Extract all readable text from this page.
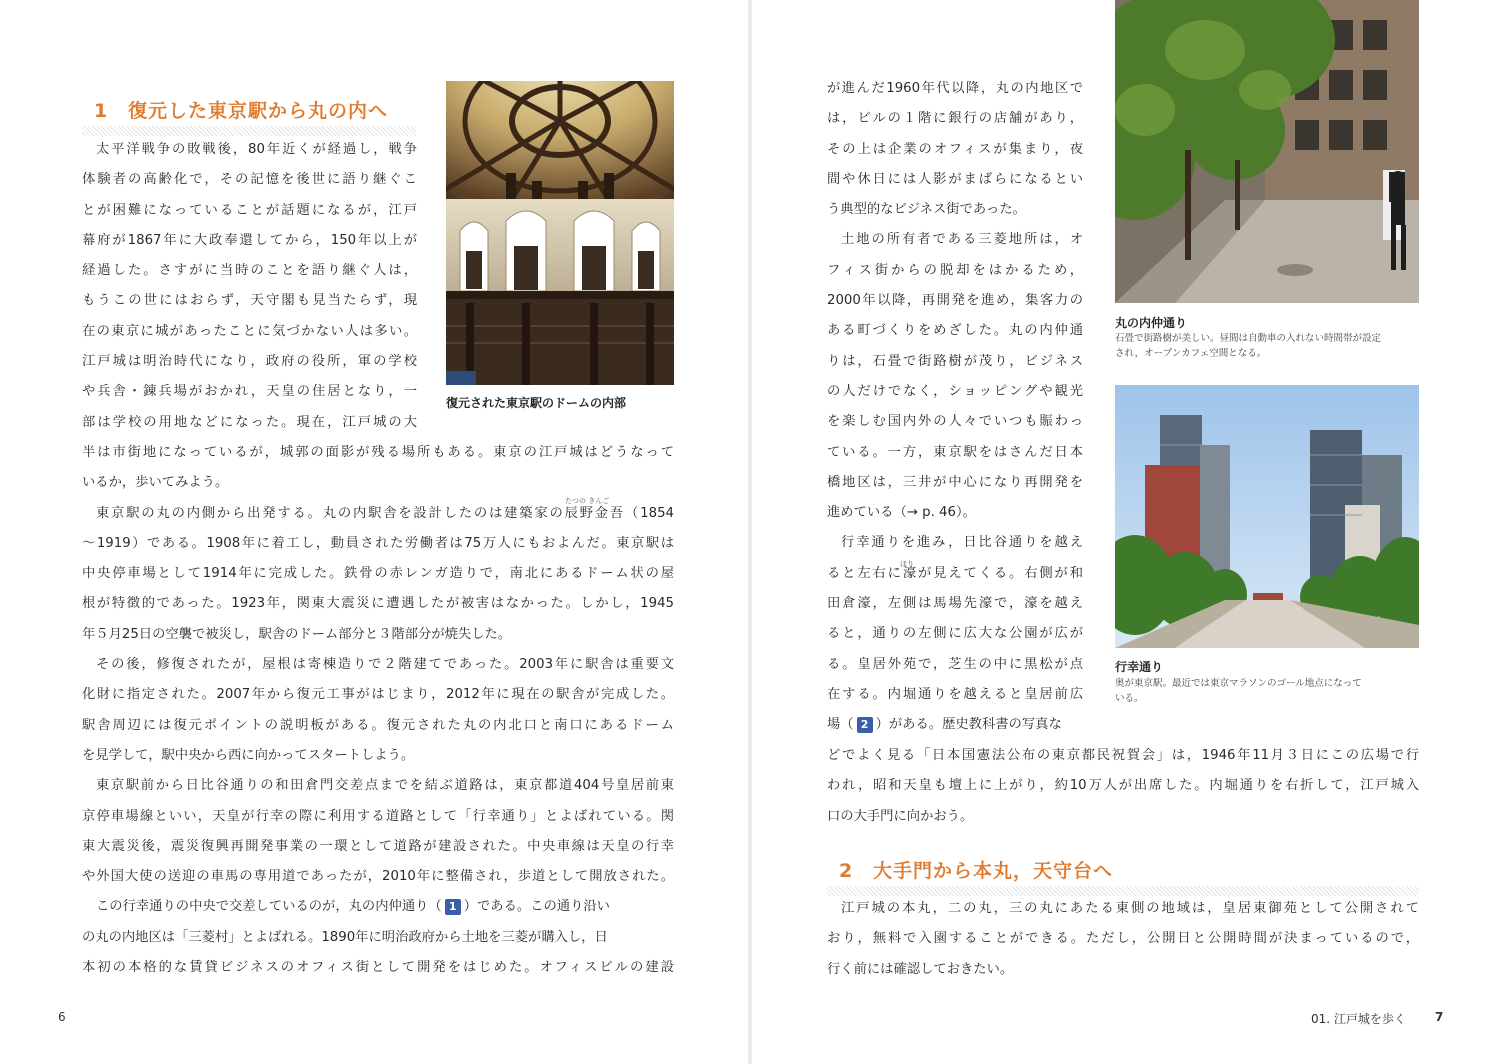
1 復元した東京駅から丸の内へ
復元された東京駅のドームの内部
太平洋戦争の敗戦後，80年近くが経過し，戦争
体験者の高齢化で，その記憶を後世に語り継ぐこ
とが困難になっていることが話題になるが，江戸
幕府が1867年に大政奉還してから，150年以上が
経過した。さすがに当時のことを語り継ぐ人は，
もうこの世にはおらず，天守閣も見当たらず，現
在の東京に城があったことに気づかない人は多い。
江戸城は明治時代になり，政府の役所，軍の学校
や兵舎・錬兵場がおかれ，天皇の住居となり，一
部は学校の用地などになった。現在，江戸城の大
半は市街地になっているが，城郭の面影が残る場所もある。東京の江戸城はどうなって
いるか，歩いてみよう。
東京駅の丸の内側から出発する。丸の内駅舎を設計したのは建築家の辰野金吾（1854
～1919）である。1908年に着工し，動員された労働者は75万人にもおよんだ。東京駅は
中央停車場として1914年に完成した。鉄骨の赤レンガ造りで，南北にあるドーム状の屋
根が特徴的であった。1923年，関東大震災に遭遇したが被害はなかった。しかし，1945
年５月25日の空襲で被災し，駅舎のドーム部分と３階部分が焼失した。
その後，修復されたが，屋根は寄棟造りで２階建てであった。2003年に駅舎は重要文
化財に指定された。2007年から復元工事がはじまり，2012年に現在の駅舎が完成した。
駅舎周辺には復元ポイントの説明板がある。復元された丸の内北口と南口にあるドーム
を見学して，駅中央から西に向かってスタートしよう。
東京駅前から日比谷通りの和田倉門交差点までを結ぶ道路は，東京都道404号皇居前東
京停車場線といい，天皇が行幸の際に利用する道路として「行幸通り」とよばれている。関
東大震災後，震災復興再開発事業の一環として道路が建設された。中央車線は天皇の行幸
や外国大使の送迎の車馬の専用道であったが，2010年に整備され，歩道として開放された。
この行幸通りの中央で交差しているのが，丸の内仲通り（ 1 ）である。この通り沿い
の丸の内地区は「三菱村」とよばれる。1890年に明治政府から土地を三菱が購入し，日
本初の本格的な賃貸ビジネスのオフィス街として開発をはじめた。オフィスビルの建設
たつの きんご
6
が進んだ1960年代以降，丸の内地区で
は，ビルの１階に銀行の店舗があり，
その上は企業のオフィスが集まり，夜
間や休日には人影がまばらになるとい
う典型的なビジネス街であった。
土地の所有者である三菱地所は，オ
フィス街からの脱却をはかるため，
2000年以降，再開発を進め，集客力の
ある町づくりをめざした。丸の内仲通
りは，石畳で街路樹が茂り，ビジネス
の人だけでなく，ショッピングや観光
を楽しむ国内外の人々でいつも賑わっ
ている。一方，東京駅をはさんだ日本
橋地区は，三井が中心になり再開発を
進めている（→ p. 46）。
行幸通りを進み，日比谷通りを越え
ると左右に濠が見えてくる。右側が和
田倉濠，左側は馬場先濠で，濠を越え
ると，通りの左側に広大な公園が広が
る。皇居外苑で，芝生の中に黒松が点
在する。内堀通りを越えると皇居前広
場（ 2 ）がある。歴史教科書の写真な
ほり
どでよく見る「日本国憲法公布の東京都民祝賀会」は，1946年11月３日にこの広場で行
われ，昭和天皇も壇上に上がり，約10万人が出席した。内堀通りを右折して，江戸城入
口の大手門に向かおう。
2 大手門から本丸，天守台へ
江戸城の本丸，二の丸，三の丸にあたる東側の地域は，皇居東御苑として公開されて
おり，無料で入園することができる。ただし，公開日と公開時間が決まっているので，
行く前には確認しておきたい。
丸の内仲通り
石畳で街路樹が美しい。昼間は自動車の入れない時間帯が設定
され，オープンカフェ空間となる。
行幸通り
奥が東京駅。最近では東京マラソンのゴール地点になって
いる。
01. 江戸城を歩く 7
